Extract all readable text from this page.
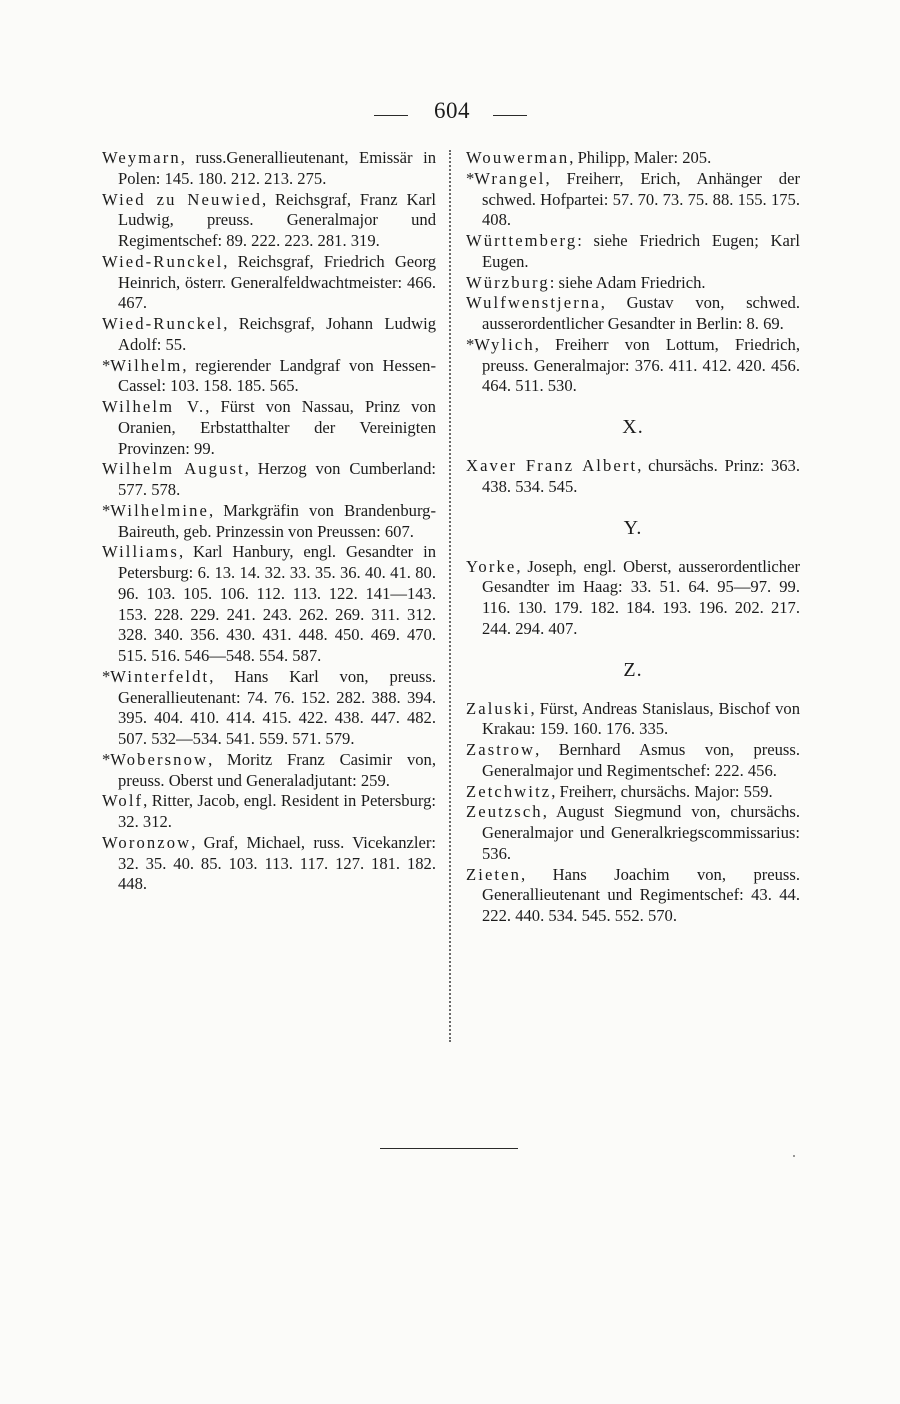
604

Weymarn, russ.Generallieutenant, Emissär in Polen: 145. 180. 212. 213. 275.

Wied zu Neuwied, Reichsgraf, Franz Karl Ludwig, preuss. Generalmajor und Regimentschef: 89. 222. 223. 281. 319.

Wied-Runckel, Reichsgraf, Friedrich Georg Heinrich, österr. Generalfeldwachtmeister: 466. 467.

Wied-Runckel, Reichsgraf, Johann Ludwig Adolf: 55.

*Wilhelm, regierender Landgraf von Hessen-Cassel: 103. 158. 185. 565.

Wilhelm V., Fürst von Nassau, Prinz von Oranien, Erbstatthalter der Vereinigten Provinzen: 99.

Wilhelm August, Herzog von Cumberland: 577. 578.

*Wilhelmine, Markgräfin von Brandenburg-Baireuth, geb. Prinzessin von Preussen: 607.

Williams, Karl Hanbury, engl. Gesandter in Petersburg: 6. 13. 14. 32. 33. 35. 36. 40. 41. 80. 96. 103. 105. 106. 112. 113. 122. 141—143. 153. 228. 229. 241. 243. 262. 269. 311. 312. 328. 340. 356. 430. 431. 448. 450. 469. 470. 515. 516. 546—548. 554. 587.

*Winterfeldt, Hans Karl von, preuss. Generallieutenant: 74. 76. 152. 282. 388. 394. 395. 404. 410. 414. 415. 422. 438. 447. 482. 507. 532—534. 541. 559. 571. 579.

*Wobersnow, Moritz Franz Casimir von, preuss. Oberst und Generaladjutant: 259.

Wolf, Ritter, Jacob, engl. Resident in Petersburg: 32. 312.

Woronzow, Graf, Michael, russ. Vicekanzler: 32. 35. 40. 85. 103. 113. 117. 127. 181. 182. 448.

Wouwerman, Philipp, Maler: 205.

*Wrangel, Freiherr, Erich, Anhänger der schwed. Hofpartei: 57. 70. 73. 75. 88. 155. 175. 408.

Württemberg: siehe Friedrich Eugen; Karl Eugen.

Würzburg: siehe Adam Friedrich.

Wulfwenstjerna, Gustav von, schwed. ausserordentlicher Gesandter in Berlin: 8. 69.

*Wylich, Freiherr von Lottum, Friedrich, preuss. Generalmajor: 376. 411. 412. 420. 456. 464. 511. 530.

X.

Xaver Franz Albert, chursächs. Prinz: 363. 438. 534. 545.

Y.

Yorke, Joseph, engl. Oberst, ausserordentlicher Gesandter im Haag: 33. 51. 64. 95—97. 99. 116. 130. 179. 182. 184. 193. 196. 202. 217. 244. 294. 407.

Z.

Zaluski, Fürst, Andreas Stanislaus, Bischof von Krakau: 159. 160. 176. 335.

Zastrow, Bernhard Asmus von, preuss. Generalmajor und Regimentschef: 222. 456.

Zetchwitz, Freiherr, chursächs. Major: 559.

Zeutzsch, August Siegmund von, chursächs. Generalmajor und Generalkriegscommissarius: 536.

Zieten, Hans Joachim von, preuss. Generallieutenant und Regimentschef: 43. 44. 222. 440. 534. 545. 552. 570.
